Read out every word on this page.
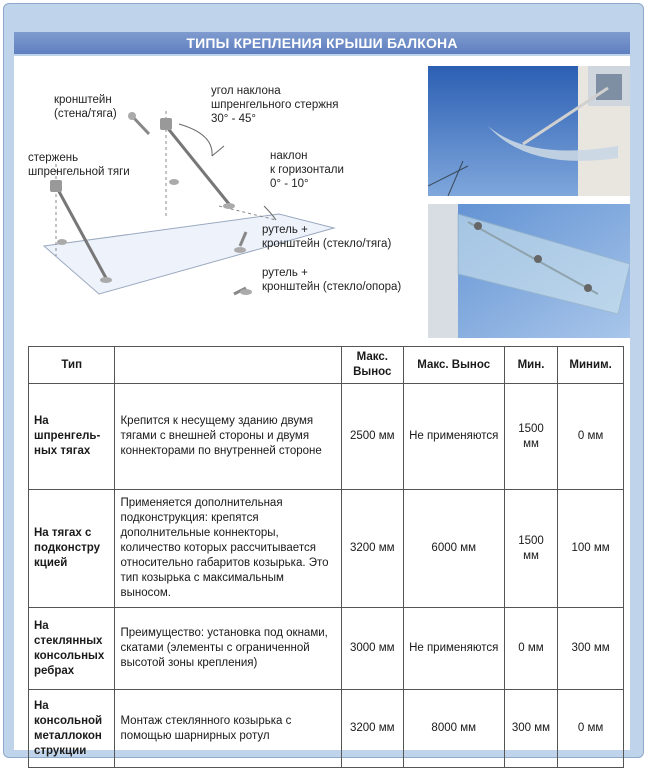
ТИПЫ КРЕПЛЕНИЯ КРЫШИ БАЛКОНА
кронштейн
(стена/тяга)
стержень
шпренгельной тяги
угол наклона
шпренгельного стержня
30° - 45°
наклон
к горизонтали
0° - 10°
рутель +
кронштейн (стекло/тяга)
рутель +
кронштейн (стекло/опора)
Тип		Макс. Вынос	Макс. Вынос	Мин.	Миним.
На шпренгель-ных тягах	Крепится к несущему зданию двумя тягами с внешней стороны и двумя коннекторами по внутренней стороне	2500 мм	Не применяются	1500 мм	0 мм
На тягах с подконстру кцией	Применяется дополнительная подконструкция: крепятся дополнительные коннекторы, количество которых рассчитывается относительно габаритов козырька. Это тип козырька с максимальным выносом.	3200 мм	6000 мм	1500 мм	100 мм
На стеклянных консольных ребрах	Преимущество: установка под окнами, скатами (элементы с ограниченной высотой зоны крепления)	3000 мм	Не применяются	0 мм	300 мм
На консольной металлокон струкции	Монтаж стеклянного козырька с помощью шарнирных ротул	3200 мм	8000 мм	300 мм	0 мм
